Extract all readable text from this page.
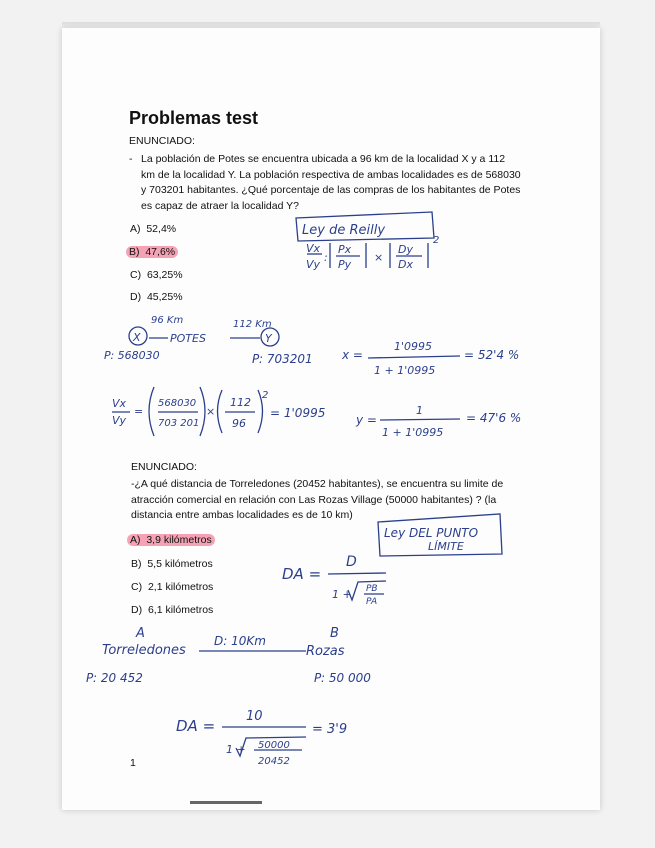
Problemas test
ENUNCIADO:
- La población de Potes se encuentra ubicada a 96 km de la localidad X y a 112
km de la localidad Y. La población respectiva de ambas localidades es de 568030
y 703201 habitantes. ¿Qué porcentaje de las compras de los habitantes de Potes
es capaz de atraer la localidad Y?
A) 52,4%
B) 47,6%
C) 63,25%
D) 45,25%
Ley de Reilly
Vx
Vy
:
Px
Py
×
Dy
Dx
2
96 Km	112 Km
X	Y
POTES
P: 568030	P: 703201 x =
1'0995
1 + 1'0995
= 52'4 %
Vx
Vy
=
568030
703 201
×
112
96
2
= 1'0995	y =
1
1 + 1'0995
= 47'6 %
ENUNCIADO:
-¿A qué distancia de Torreledones (20452 habitantes), se encuentra su limite de
atracción comercial en relación con Las Rozas Village (50000 habitantes) ? (la
distancia entre ambas localidades es de 10 km)
A) 3,9 kilómetros
B) 5,5 kilómetros
C) 2,1 kilómetros
D) 6,1 kilómetros
Ley DEL PUNTO
LÍMITE
DA =
D
1 + PB
PA
A	B
Torreledones
D: 10Km
Rozas
P: 20 452	P: 50 000
DA =
10
1 + 50000
20452
= 3'9
1
